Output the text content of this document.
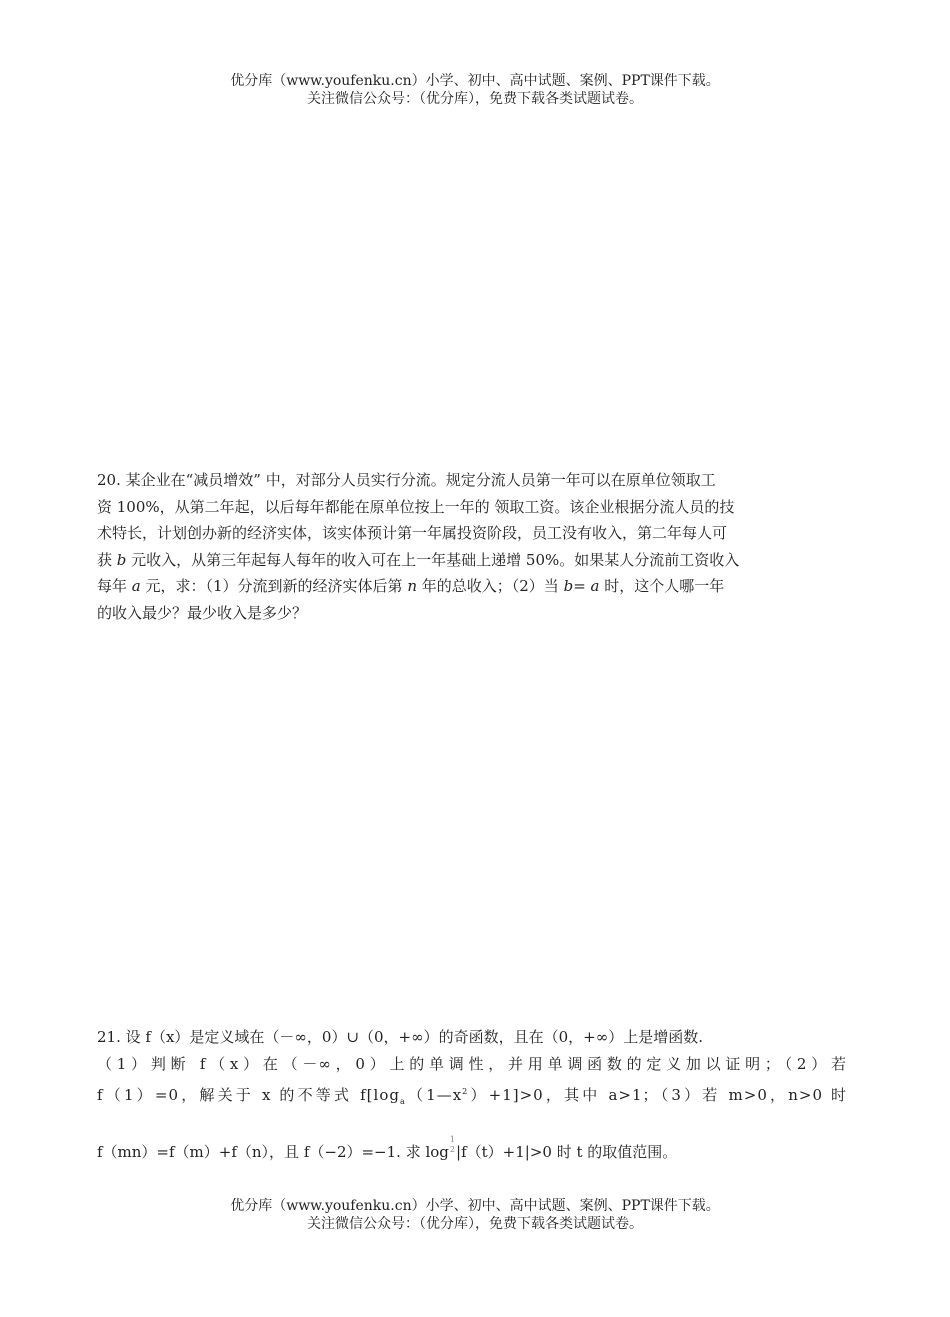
优分库（www.youfenku.cn）小学、初中、高中试题、案例、PPT课件下载。
关注微信公众号：（优分库），免费下载各类试题试卷。
20. 某企业在“减员增效” 中，对部分人员实行分流。规定分流人员第一年可以在原单位领取工
资 100%，从第二年起，以后每年都能在原单位按上一年的 领取工资。该企业根据分流人员的技
术特长，计划创办新的经济实体，该实体预计第一年属投资阶段，员工没有收入，第二年每人可
获 b 元收入，从第三年起每人每年的收入可在上一年基础上递增 50%。如果某人分流前工资收入
每年 a 元，求：（1）分流到新的经济实体后第 n 年的总收入；（2）当 b= a 时，这个人哪一年
的收入最少？最少收入是多少？
21. 设 f（x）是定义域在（－∞，0）∪（0，+∞）的奇函数，且在（0，+∞）上是增函数.
（1）判断 f（x）在（－∞，0）上的单调性，并用单调函数的定义加以证明；（2）若
f（1）=0，解关于 x 的不等式 $f[\log_a(1—x^2)+1]>0$，其中 a>1；（3）若 m>0，n>0 时
f（mn）=f（m）+f（n），且 f（−2）=−1. 求 log
1
2 |f（t）+1|>0 时 t 的取值范围。
优分库（www.youfenku.cn）小学、初中、高中试题、案例、PPT课件下载。
关注微信公众号：（优分库），免费下载各类试题试卷。
